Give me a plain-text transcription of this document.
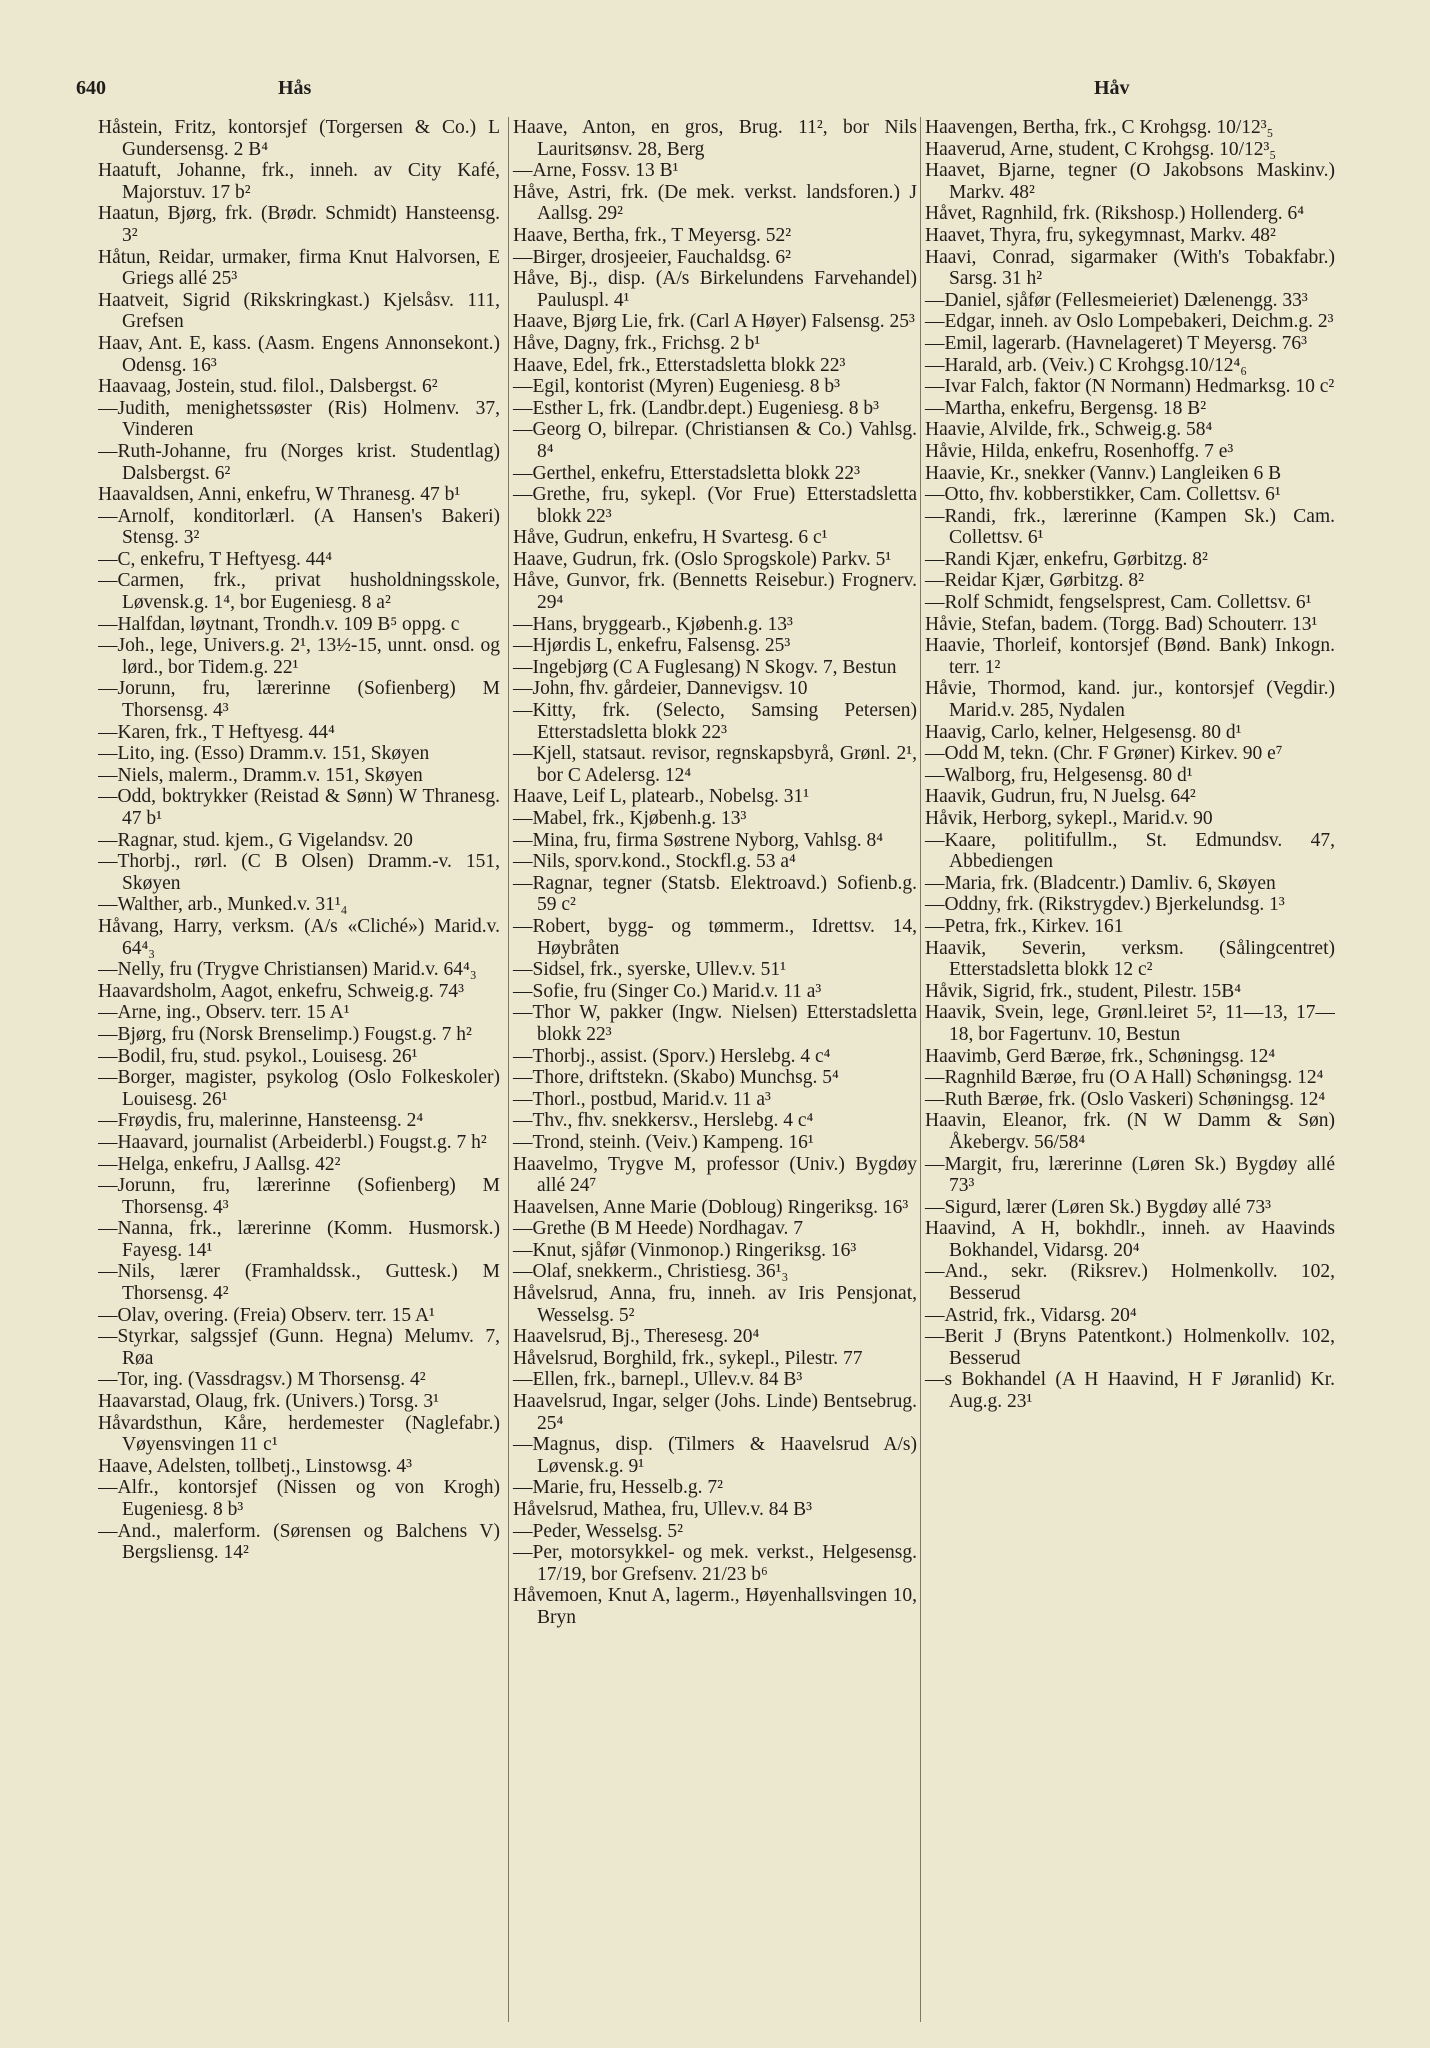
640	Hås	Håv

Håstein, Fritz, kontorsjef (Torgersen & Co.) L Gundersensg. 2 B⁴

Haatuft, Johanne, frk., inneh. av City Kafé, Majorstuv. 17 b²

Haatun, Bjørg, frk. (Brødr. Schmidt) Hansteensg. 3²

Håtun, Reidar, urmaker, firma Knut Halvorsen, E Griegs allé 25³

Haatveit, Sigrid (Rikskringkast.) Kjelsåsv. 111, Grefsen

Haav, Ant. E, kass. (Aasm. Engens Annonsekont.) Odensg. 16³

Haavaag, Jostein, stud. filol., Dalsbergst. 6²

—Judith, menighetssøster (Ris) Holmenv. 37, Vinderen

—Ruth-Johanne, fru (Norges krist. Studentlag) Dalsbergst. 6²

Haavaldsen, Anni, enkefru, W Thranesg. 47 b¹

—Arnolf, konditorlærl. (A Hansen's Bakeri) Stensg. 3²

—C, enkefru, T Heftyesg. 44⁴

—Carmen, frk., privat husholdningsskole, Løvensk.g. 1⁴, bor Eugeniesg. 8 a²

—Halfdan, løytnant, Trondh.v. 109 B⁵ oppg. c

—Joh., lege, Univers.g. 2¹, 13½-15, unnt. onsd. og lørd., bor Tidem.g. 22¹

—Jorunn, fru, lærerinne (Sofienberg) M Thorsensg. 4³

—Karen, frk., T Heftyesg. 44⁴

—Lito, ing. (Esso) Dramm.v. 151, Skøyen

—Niels, malerm., Dramm.v. 151, Skøyen

—Odd, boktrykker (Reistad & Sønn) W Thranesg. 47 b¹

—Ragnar, stud. kjem., G Vigelandsv. 20

—Thorbj., rørl. (C B Olsen) Dramm.-v. 151, Skøyen

—Walther, arb., Munked.v. 31¹₄

Håvang, Harry, verksm. (A/s «Cliché») Marid.v. 64⁴₃

—Nelly, fru (Trygve Christiansen) Marid.v. 64⁴₃

Haavardsholm, Aagot, enkefru, Schweig.g. 74³

—Arne, ing., Observ. terr. 15 A¹

—Bjørg, fru (Norsk Brenselimp.) Fougst.g. 7 h²

—Bodil, fru, stud. psykol., Louisesg. 26¹

—Borger, magister, psykolog (Oslo Folkeskoler) Louisesg. 26¹

—Frøydis, fru, malerinne, Hansteensg. 2⁴

—Haavard, journalist (Arbeiderbl.) Fougst.g. 7 h²

—Helga, enkefru, J Aallsg. 42²

—Jorunn, fru, lærerinne (Sofienberg) M Thorsensg. 4³

—Nanna, frk., lærerinne (Komm. Husmorsk.) Fayesg. 14¹

—Nils, lærer (Framhaldssk., Guttesk.) M Thorsensg. 4²

—Olav, overing. (Freia) Observ. terr. 15 A¹

—Styrkar, salgssjef (Gunn. Hegna) Melumv. 7, Røa

—Tor, ing. (Vassdragsv.) M Thorsensg. 4²

Haavarstad, Olaug, frk. (Univers.) Torsg. 3¹

Håvardsthun, Kåre, herdemester (Naglefabr.) Vøyensvingen 11 c¹

Haave, Adelsten, tollbetj., Linstowsg. 4³

—Alfr., kontorsjef (Nissen og von Krogh) Eugeniesg. 8 b³

—And., malerform. (Sørensen og Balchens V) Bergsliensg. 14²

Haave, Anton, en gros, Brug. 11², bor Nils Lauritsønsv. 28, Berg

—Arne, Fossv. 13 B¹

Håve, Astri, frk. (De mek. verkst. landsforen.) J Aallsg. 29²

Haave, Bertha, frk., T Meyersg. 52²

—Birger, drosjeeier, Fauchaldsg. 6²

Håve, Bj., disp. (A/s Birkelundens Farvehandel) Pauluspl. 4¹

Haave, Bjørg Lie, frk. (Carl A Høyer) Falsensg. 25³

Håve, Dagny, frk., Frichsg. 2 b¹

Haave, Edel, frk., Etterstadsletta blokk 22³

—Egil, kontorist (Myren) Eugeniesg. 8 b³

—Esther L, frk. (Landbr.dept.) Eugeniesg. 8 b³

—Georg O, bilrepar. (Christiansen & Co.) Vahlsg. 8⁴

—Gerthel, enkefru, Etterstadsletta blokk 22³

—Grethe, fru, sykepl. (Vor Frue) Etterstadsletta blokk 22³

Håve, Gudrun, enkefru, H Svartesg. 6 c¹

Haave, Gudrun, frk. (Oslo Sprogskole) Parkv. 5¹

Håve, Gunvor, frk. (Bennetts Reisebur.) Frognerv. 29⁴

—Hans, bryggearb., Kjøbenh.g. 13³

—Hjørdis L, enkefru, Falsensg. 25³

—Ingebjørg (C A Fuglesang) N Skogv. 7, Bestun

—John, fhv. gårdeier, Dannevigsv. 10

—Kitty, frk. (Selecto, Samsing Petersen) Etterstadsletta blokk 22³

—Kjell, statsaut. revisor, regnskapsbyrå, Grønl. 2¹, bor C Adelersg. 12⁴

Haave, Leif L, platearb., Nobelsg. 31¹

—Mabel, frk., Kjøbenh.g. 13³

—Mina, fru, firma Søstrene Nyborg, Vahlsg. 8⁴

—Nils, sporv.kond., Stockfl.g. 53 a⁴

—Ragnar, tegner (Statsb. Elektroavd.) Sofienb.g. 59 c²

—Robert, bygg- og tømmerm., Idrettsv. 14, Høybråten

—Sidsel, frk., syerske, Ullev.v. 51¹

—Sofie, fru (Singer Co.) Marid.v. 11 a³

—Thor W, pakker (Ingw. Nielsen) Etterstadsletta blokk 22³

—Thorbj., assist. (Sporv.) Herslebg. 4 c⁴

—Thore, driftstekn. (Skabo) Munchsg. 5⁴

—Thorl., postbud, Marid.v. 11 a³

—Thv., fhv. snekkersv., Herslebg. 4 c⁴

—Trond, steinh. (Veiv.) Kampeng. 16¹

Haavelmo, Trygve M, professor (Univ.) Bygdøy allé 24⁷

Haavelsen, Anne Marie (Dobloug) Ringeriksg. 16³

—Grethe (B M Heede) Nordhagav. 7

—Knut, sjåfør (Vinmonop.) Ringeriksg. 16³

—Olaf, snekkerm., Christiesg. 36¹₃

Håvelsrud, Anna, fru, inneh. av Iris Pensjonat, Wesselsg. 5²

Haavelsrud, Bj., Theresesg. 20⁴

Håvelsrud, Borghild, frk., sykepl., Pilestr. 77

—Ellen, frk., barnepl., Ullev.v. 84 B³

Haavelsrud, Ingar, selger (Johs. Linde) Bentsebrug. 25⁴

—Magnus, disp. (Tilmers & Haavelsrud A/s) Løvensk.g. 9¹

—Marie, fru, Hesselb.g. 7²

Håvelsrud, Mathea, fru, Ullev.v. 84 B³

—Peder, Wesselsg. 5²

—Per, motorsykkel- og mek. verkst., Helgesensg. 17/19, bor Grefsenv. 21/23 b⁶

Håvemoen, Knut A, lagerm., Høyenhallsvingen 10, Bryn

Haavengen, Bertha, frk., C Krohgsg. 10/12³₅

Haaverud, Arne, student, C Krohgsg. 10/12³₅

Haavet, Bjarne, tegner (O Jakobsons Maskinv.) Markv. 48²

Håvet, Ragnhild, frk. (Rikshosp.) Hollenderg. 6⁴

Haavet, Thyra, fru, sykegymnast, Markv. 48²

Haavi, Conrad, sigarmaker (With's Tobakfabr.) Sarsg. 31 h²

—Daniel, sjåfør (Fellesmeieriet) Dælenengg. 33³

—Edgar, inneh. av Oslo Lompebakeri, Deichm.g. 2³

—Emil, lagerarb. (Havnelageret) T Meyersg. 76³

—Harald, arb. (Veiv.) C Krohgsg.10/12⁴₆

—Ivar Falch, faktor (N Normann) Hedmarksg. 10 c²

—Martha, enkefru, Bergensg. 18 B²

Haavie, Alvilde, frk., Schweig.g. 58⁴

Håvie, Hilda, enkefru, Rosenhoffg. 7 e³

Haavie, Kr., snekker (Vannv.) Langleiken 6 B

—Otto, fhv. kobberstikker, Cam. Collettsv. 6¹

—Randi, frk., lærerinne (Kampen Sk.) Cam. Collettsv. 6¹

—Randi Kjær, enkefru, Gørbitzg. 8²

—Reidar Kjær, Gørbitzg. 8²

—Rolf Schmidt, fengselsprest, Cam. Collettsv. 6¹

Håvie, Stefan, badem. (Torgg. Bad) Schouterr. 13¹

Haavie, Thorleif, kontorsjef (Bønd. Bank) Inkogn. terr. 1²

Håvie, Thormod, kand. jur., kontorsjef (Vegdir.) Marid.v. 285, Nydalen

Haavig, Carlo, kelner, Helgesensg. 80 d¹

—Odd M, tekn. (Chr. F Grøner) Kirkev. 90 e⁷

—Walborg, fru, Helgesensg. 80 d¹

Haavik, Gudrun, fru, N Juelsg. 64²

Håvik, Herborg, sykepl., Marid.v. 90

—Kaare, politifullm., St. Edmundsv. 47, Abbediengen

—Maria, frk. (Bladcentr.) Damliv. 6, Skøyen

—Oddny, frk. (Rikstrygdev.) Bjerkelundsg. 1³

—Petra, frk., Kirkev. 161

Haavik, Severin, verksm. (Sålingcentret) Etterstadsletta blokk 12 c²

Håvik, Sigrid, frk., student, Pilestr. 15B⁴

Haavik, Svein, lege, Grønl.leiret 5², 11—13, 17—18, bor Fagertunv. 10, Bestun

Haavimb, Gerd Bærøe, frk., Schøningsg. 12⁴

—Ragnhild Bærøe, fru (O A Hall) Schøningsg. 12⁴

—Ruth Bærøe, frk. (Oslo Vaskeri) Schøningsg. 12⁴

Haavin, Eleanor, frk. (N W Damm & Søn) Åkebergv. 56/58⁴

—Margit, fru, lærerinne (Løren Sk.) Bygdøy allé 73³

—Sigurd, lærer (Løren Sk.) Bygdøy allé 73³

Haavind, A H, bokhdlr., inneh. av Haavinds Bokhandel, Vidarsg. 20⁴

—And., sekr. (Riksrev.) Holmenkollv. 102, Besserud

—Astrid, frk., Vidarsg. 20⁴

—Berit J (Bryns Patentkont.) Holmenkollv. 102, Besserud

—s Bokhandel (A H Haavind, H F Jøranlid) Kr. Aug.g. 23¹
